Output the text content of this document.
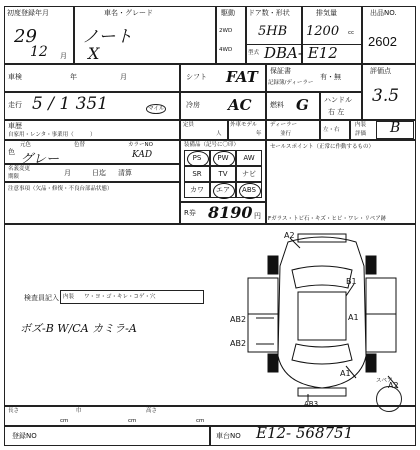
初度登録年月
29
12 月
車名・グレード
ノート
X
駆動
2WD
4WD
ドア数・形状
5HB
排気量
1200 cc
出品NO.
2602
型式 DBA- E12
車検	年	月	シフト FAT 保証書
記録簿/ディーラー
有・無
評価点
3.5
走行 5 / 1 351	マイル	冷房 AC	燃料 G ハンドル
右 左
車歴
自家用・レンタ・事業用（　　　）
定員
人
外車モデル
年
ディーラー
並行
左・右
内装
評価 B
色
元色	色替	カラーNO
グレー	KAD
名義変更
期限	月	日迄 清算
装備品（記号に〇印）
PS	PW	AW
SR	TV	ナビ
カワ	エア	ABS
R券 8190 円
セールスポイント（正常に作動するもの）
注意事項（欠品・修復・不良台部品状態）
Fガラス・トビ石・キズ・ヒビ・ワレ・リペア跡
検査員記入 内装 ワ・ヨ・ゴ・キレ・コゲ・穴
ボズ-B W/CA カミラ-A
A2
B1
AB2
AB2
A1
A1
A2
AB3
スペア
長さ
cm
巾
cm
高さ
cm
登録NO	車台NO E12- 568751
